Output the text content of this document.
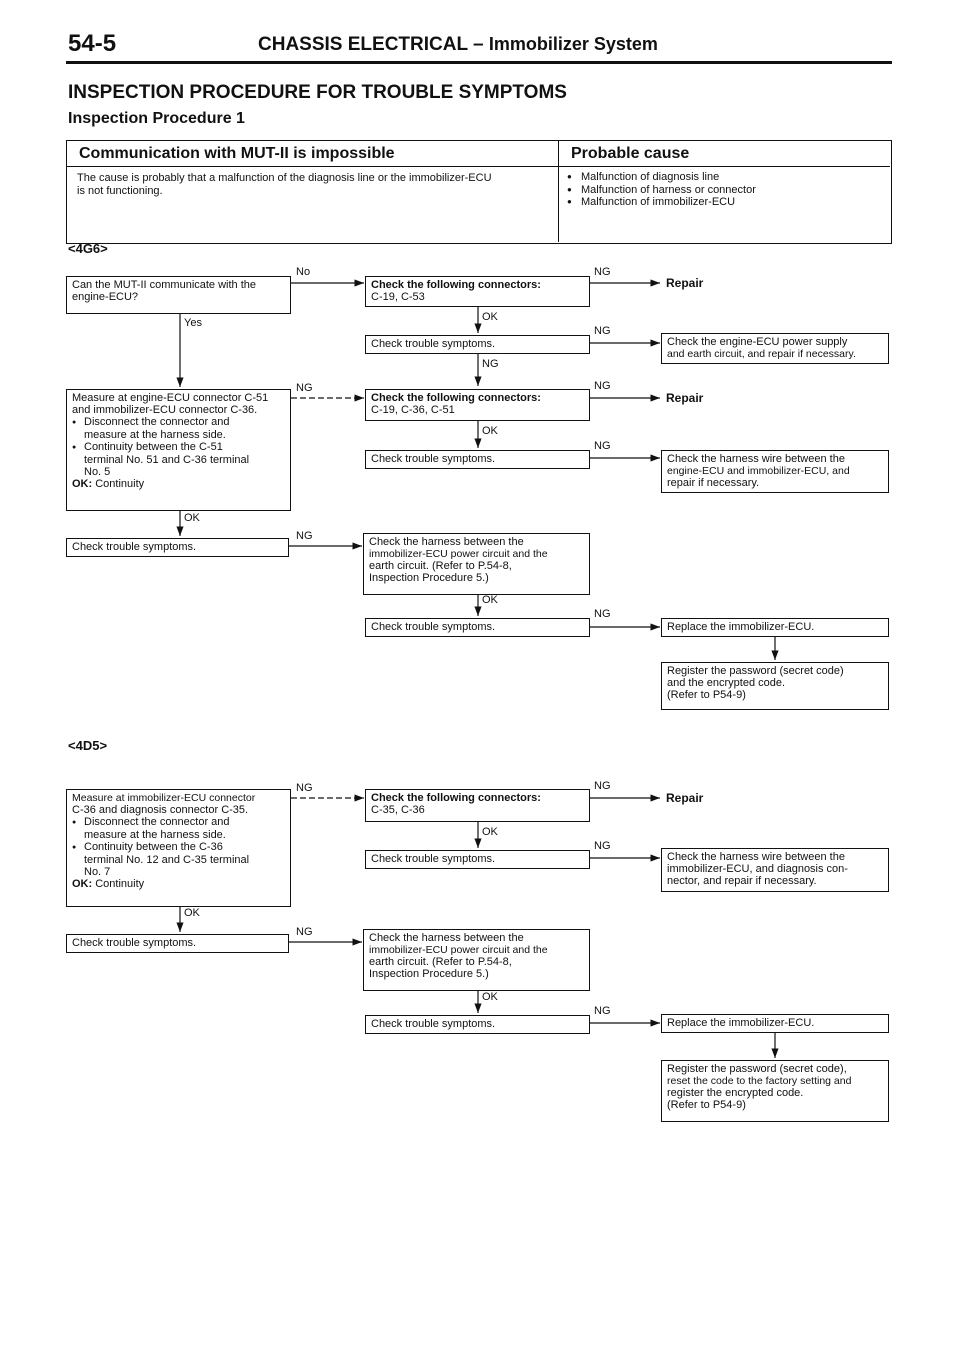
54-5	CHASSIS ELECTRICAL – Immobilizer System
INSPECTION PROCEDURE FOR TROUBLE SYMPTOMS
Inspection Procedure 1
Communication with MUT-II is impossible	Probable cause
The cause is probably that a malfunction of the diagnosis line or the immobilizer-ECU
is not functioning.
● Malfunction of diagnosis line
● Malfunction of harness or connector
● Malfunction of immobilizer-ECU
<4G6>
Can the MUT-II communicate with the
engine-ECU?
No
Yes
Check the following connectors:
C-19, C-53
NG
Repair
OK
Check trouble symptoms.
NG
Check the engine-ECU power supply
and earth circuit, and repair if necessary.
NG
Measure at engine-ECU connector C-51
and immobilizer-ECU connector C-36.
● Disconnect the connector and
measure at the harness side.
● Continuity between the C-51
terminal No. 51 and C-36 terminal
No. 5
OK: Continuity
NG
Check the following connectors:
C-19, C-36, C-51
NG
Repair
OK
Check trouble symptoms.
NG
Check the harness wire between the
engine-ECU and immobilizer-ECU, and
repair if necessary.
OK
Check trouble symptoms.
NG	Check the harness between the
immobilizer-ECU power circuit and the
earth circuit. (Refer to P.54-8,
Inspection Procedure 5.)
OK
Check trouble symptoms.
NG
Replace the immobilizer-ECU.
Register the password (secret code)
and the encrypted code.
(Refer to P54-9)
<4D5>
Measure at immobilizer-ECU connector
C-36 and diagnosis connector C-35.
● Disconnect the connector and
measure at the harness side.
● Continuity between the C-36
terminal No. 12 and C-35 terminal
No. 7
OK: Continuity
NG
Check the following connectors:
C-35, C-36
NG
Repair
OK
Check trouble symptoms.
NG
Check the harness wire between the
immobilizer-ECU, and diagnosis con-
nector, and repair if necessary.
OK
Check trouble symptoms.
NG	Check the harness between the
immobilizer-ECU power circuit and the
earth circuit. (Refer to P.54-8,
Inspection Procedure 5.)
OK
Check trouble symptoms.
NG
Replace the immobilizer-ECU.
Register the password (secret code),
reset the code to the factory setting and
register the encrypted code.
(Refer to P54-9)
